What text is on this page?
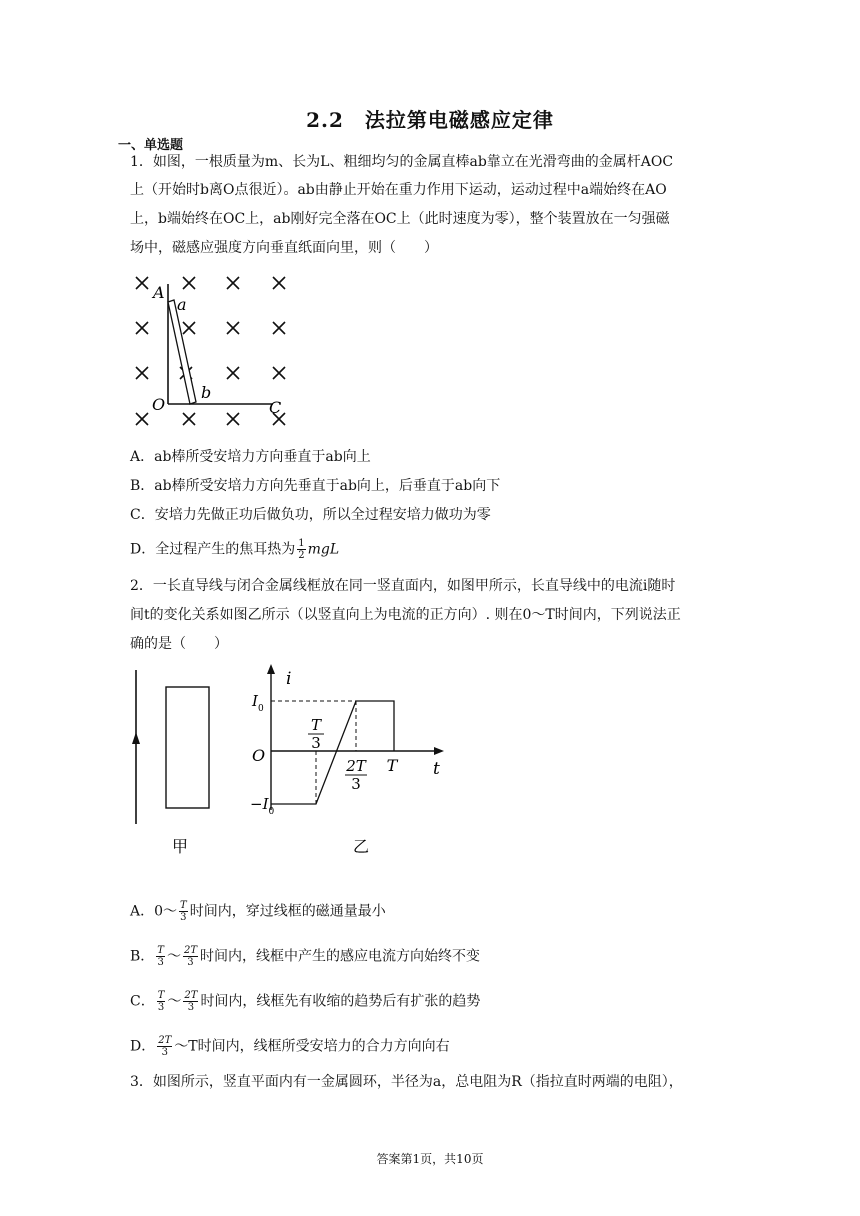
2.2　法拉第电磁感应定律
一、单选题
1．如图，一根质量为m、长为L、粗细均匀的金属直棒ab靠立在光滑弯曲的金属杆AOC
上（开始时b离O点很近）。ab由静止开始在重力作用下运动，运动过程中a端始终在AO
上，b端始终在OC上，ab刚好完全落在OC上（此时速度为零），整个装置放在一匀强磁
场中，磁感应强度方向垂直纸面向里，则（　　）
A
a
O
b
C
A．ab棒所受安培力方向垂直于ab向上
B．ab棒所受安培力方向先垂直于ab向上，后垂直于ab向下
C．安培力先做正功后做负功，所以全过程安培力做功为零
D．全过程产生的焦耳热为 $\frac{1}{2}$ mgL
2．一长直导线与闭合金属线框放在同一竖直面内，如图甲所示，长直导线中的电流i随时
间t的变化关系如图乙所示（以竖直向上为电流的正方向）. 则在0～T时间内，下列说法正
确的是（　　）
甲
i
t
O
$I_0$
$-I_0$
T
3
2T
3
T
乙
A．0～ $\frac{T}{3}$ 时间内，穿过线框的磁通量最小
B． $\frac{T}{3}$ ～ $\frac{2T}{3}$ 时间内，线框中产生的感应电流方向始终不变
C． $\frac{T}{3}$ ～ $\frac{2T}{3}$ 时间内，线框先有收缩的趋势后有扩张的趋势
D． $\frac{2T}{3}$ ～T时间内，线框所受安培力的合力方向向右
3．如图所示，竖直平面内有一金属圆环，半径为a，总电阻为R（指拉直时两端的电阻），
答案第1页，共10页
